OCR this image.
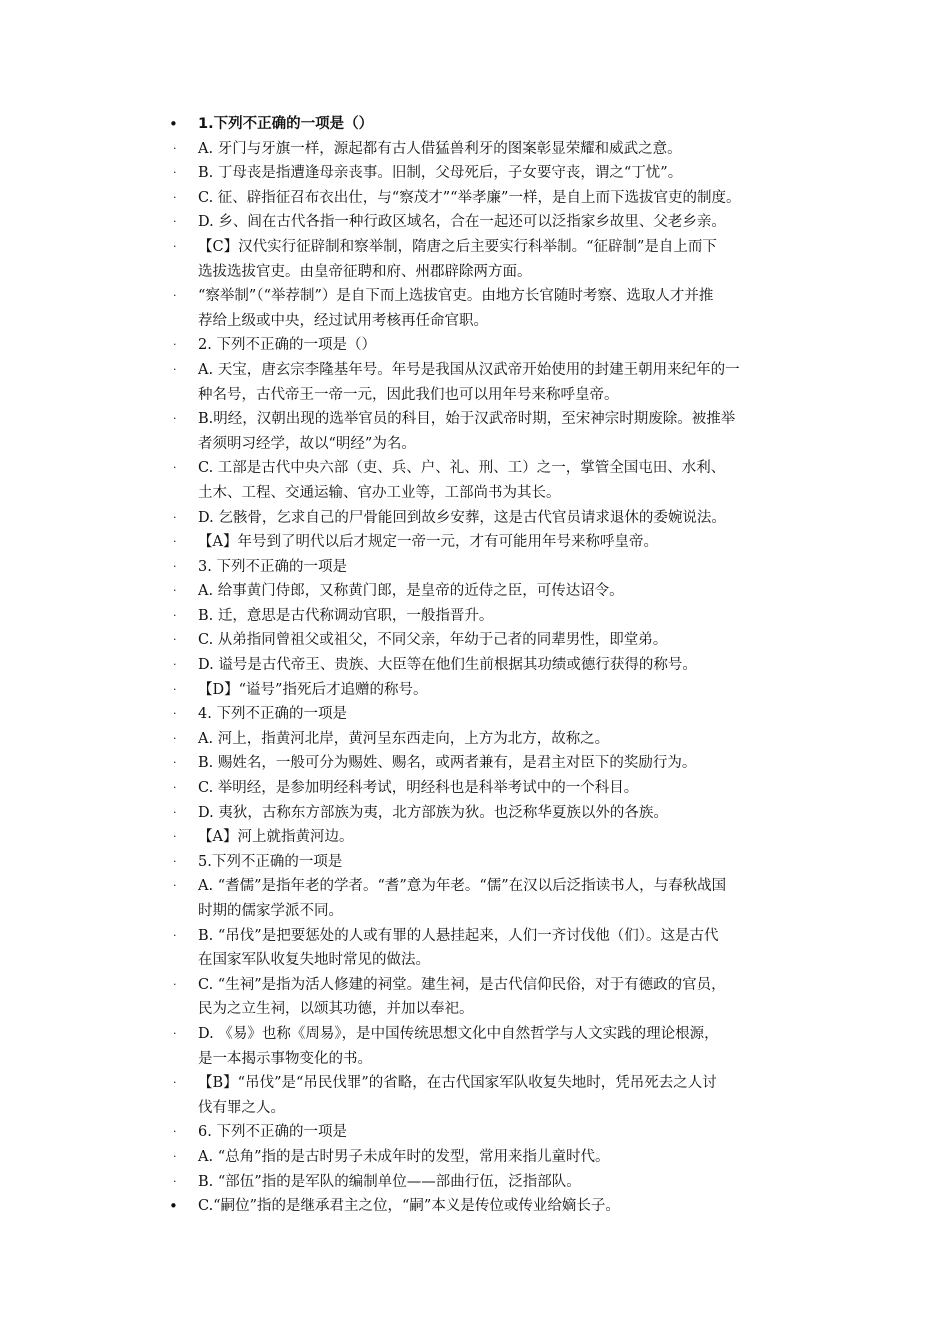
• 1.下列不正确的一项是（）
· A. 牙门与牙旗一样，源起都有古人借猛兽利牙的图案彰显荣耀和威武之意。
· B. 丁母丧是指遭逢母亲丧事。旧制，父母死后，子女要守丧，谓之“丁忧”。
· C. 征、辟指征召布衣出仕，与“察茂才”“举孝廉”一样，是自上而下选拔官吏的制度。
· D. 乡、闾在古代各指一种行政区域名，合在一起还可以泛指家乡故里、父老乡亲。
· 【C】汉代实行征辟制和察举制，隋唐之后主要实行科举制。“征辟制”是自上而下
选拔选拔官吏。由皇帝征聘和府、州郡辟除两方面。
· “察举制”（“举荐制”）是自下而上选拔官吏。由地方长官随时考察、选取人才并推
荐给上级或中央，经过试用考核再任命官职。
· 2. 下列不正确的一项是（）
· A. 天宝，唐玄宗李隆基年号。年号是我国从汉武帝开始使用的封建王朝用来纪年的一
种名号，古代帝王一帝一元，因此我们也可以用年号来称呼皇帝。
· B.明经，汉朝出现的选举官员的科目，始于汉武帝时期，至宋神宗时期废除。被推举
者须明习经学，故以“明经”为名。
· C. 工部是古代中央六部（吏、兵、户、礼、刑、工）之一，掌管全国屯田、水利、
土木、工程、交通运输、官办工业等，工部尚书为其长。
· D. 乞骸骨，乞求自己的尸骨能回到故乡安葬，这是古代官员请求退休的委婉说法。
· 【A】年号到了明代以后才规定一帝一元，才有可能用年号来称呼皇帝。
· 3. 下列不正确的一项是
· A. 给事黄门侍郎，又称黄门郎，是皇帝的近侍之臣，可传达诏令。
· B. 迁，意思是古代称调动官职，一般指晋升。
· C. 从弟指同曾祖父或祖父，不同父亲，年幼于己者的同辈男性，即堂弟。
· D. 谥号是古代帝王、贵族、大臣等在他们生前根据其功绩或德行获得的称号。
· 【D】“谥号”指死后才追赠的称号。
· 4. 下列不正确的一项是
· A. 河上，指黄河北岸，黄河呈东西走向，上方为北方，故称之。
· B. 赐姓名，一般可分为赐姓、赐名，或两者兼有，是君主对臣下的奖励行为。
· C. 举明经，是参加明经科考试，明经科也是科举考试中的一个科目。
· D. 夷狄，古称东方部族为夷，北方部族为狄。也泛称华夏族以外的各族。
· 【A】河上就指黄河边。
· 5.下列不正确的一项是
· A. “耆儒”是指年老的学者。“耆”意为年老。“儒”在汉以后泛指读书人，与春秋战国
时期的儒家学派不同。
· B. “吊伐”是把要惩处的人或有罪的人悬挂起来，人们一齐讨伐他（们）。这是古代
在国家军队收复失地时常见的做法。
· C. “生祠”是指为活人修建的祠堂。建生祠，是古代信仰民俗，对于有德政的官员，
民为之立生祠，以颂其功德，并加以奉祀。
· D. 《易》也称《周易》，是中国传统思想文化中自然哲学与人文实践的理论根源，
是一本揭示事物变化的书。
· 【B】“吊伐”是“吊民伐罪”的省略，在古代国家军队收复失地时，凭吊死去之人讨
伐有罪之人。
· 6. 下列不正确的一项是
· A. “总角”指的是古时男子未成年时的发型，常用来指儿童时代。
· B. “部伍”指的是军队的编制单位——部曲行伍，泛指部队。
• C.“嗣位”指的是继承君主之位，“嗣”本义是传位或传业给嫡长子。
